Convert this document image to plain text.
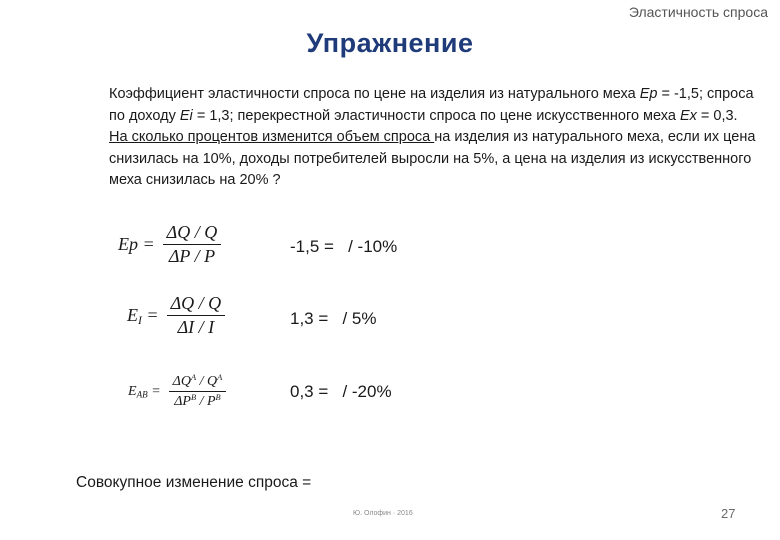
Эластичность спроса
Упражнение
Коэффициент эластичности спроса по цене на изделия из натурального меха Ep = -1,5; спроса по доходу Ei = 1,3; перекрестной эластичности спроса по цене искусственного меха Ex = 0,3.
На сколько процентов изменится объем спроса на изделия из натурального меха, если их цена снизилась на 10%, доходы потребителей выросли на 5%, а цена на изделия из искусственного меха снизилась на 20% ?
$Ep = \frac{\Delta Q / Q}{\Delta P / P}$
$E_I = \frac{\Delta Q / Q}{\Delta I / I}$
$E_{AB} = \frac{\Delta Q^A / Q^A}{\Delta P^B / P^B}$
-1,5 =   / -10%
1,3 =   / 5%
0,3 =   / -20%
Совокупное изменение спроса =
Ю. Олофин · 2016	27
